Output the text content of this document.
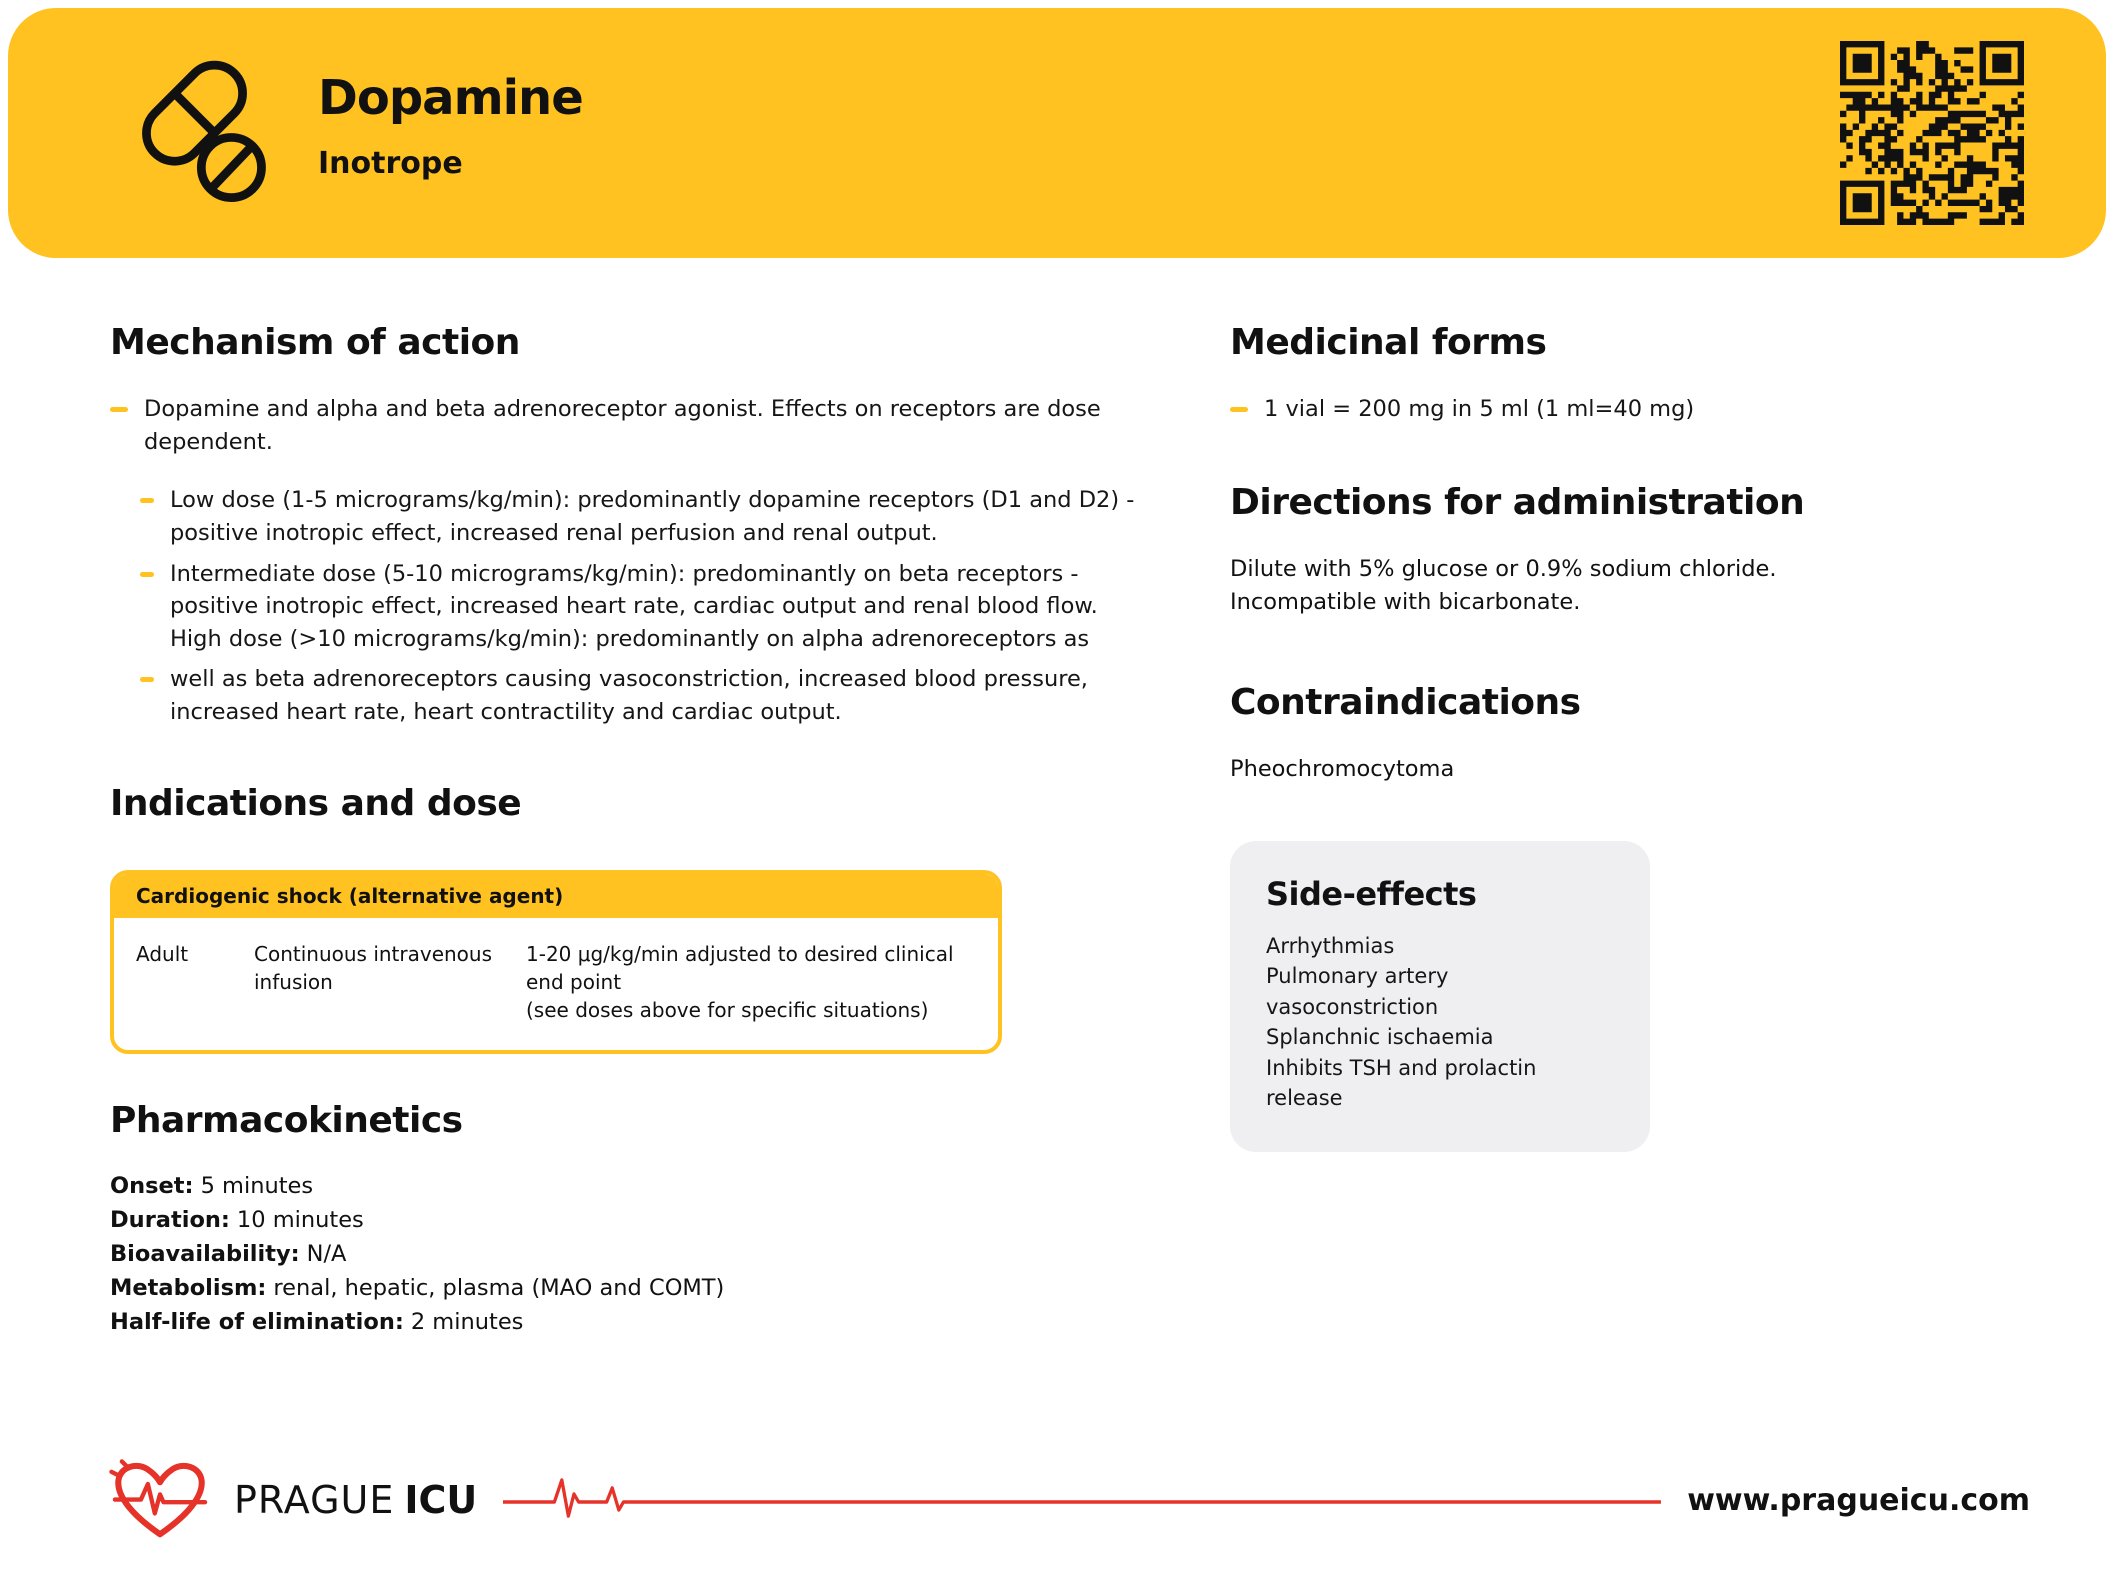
Dopamine
Inotrope
Mechanism of action

Dopamine and alpha and beta adrenoreceptor agonist. Effects on receptors are dose dependent.

Low dose (1-5 micrograms/kg/min): predominantly dopamine receptors (D1 and D2) - positive inotropic effect, increased renal perfusion and renal output.

Intermediate dose (5-10 micrograms/kg/min): predominantly on beta receptors - positive inotropic effect, increased heart rate, cardiac output and renal blood flow. High dose (>10 micrograms/kg/min): predominantly on alpha adrenoreceptors as

well as beta adrenoreceptors causing vasoconstriction, increased blood pressure, increased heart rate, heart contractility and cardiac output.

Indications and dose
Cardiogenic shock (alternative agent)
Adult	Continuous intravenous infusion
1-20 μg/kg/min adjusted to desired clinical end point
(see doses above for specific situations)
Pharmacokinetics
Onset: 5 minutes
Duration: 10 minutes
Bioavailability: N/A
Metabolism: renal, hepatic, plasma (MAO and COMT)
Half-life of elimination: 2 minutes
Medicinal forms

1 vial = 200 mg in 5 ml (1 ml=40 mg)

Directions for administration

Dilute with 5% glucose or 0.9% sodium chloride. Incompatible with bicarbonate.

Contraindications

Pheochromocytoma

Side-effects
Arrhythmias
Pulmonary artery vasoconstriction
Splanchnic ischaemia
Inhibits TSH and prolactin release
PRAGUE ICU	www.pragueicu.com
